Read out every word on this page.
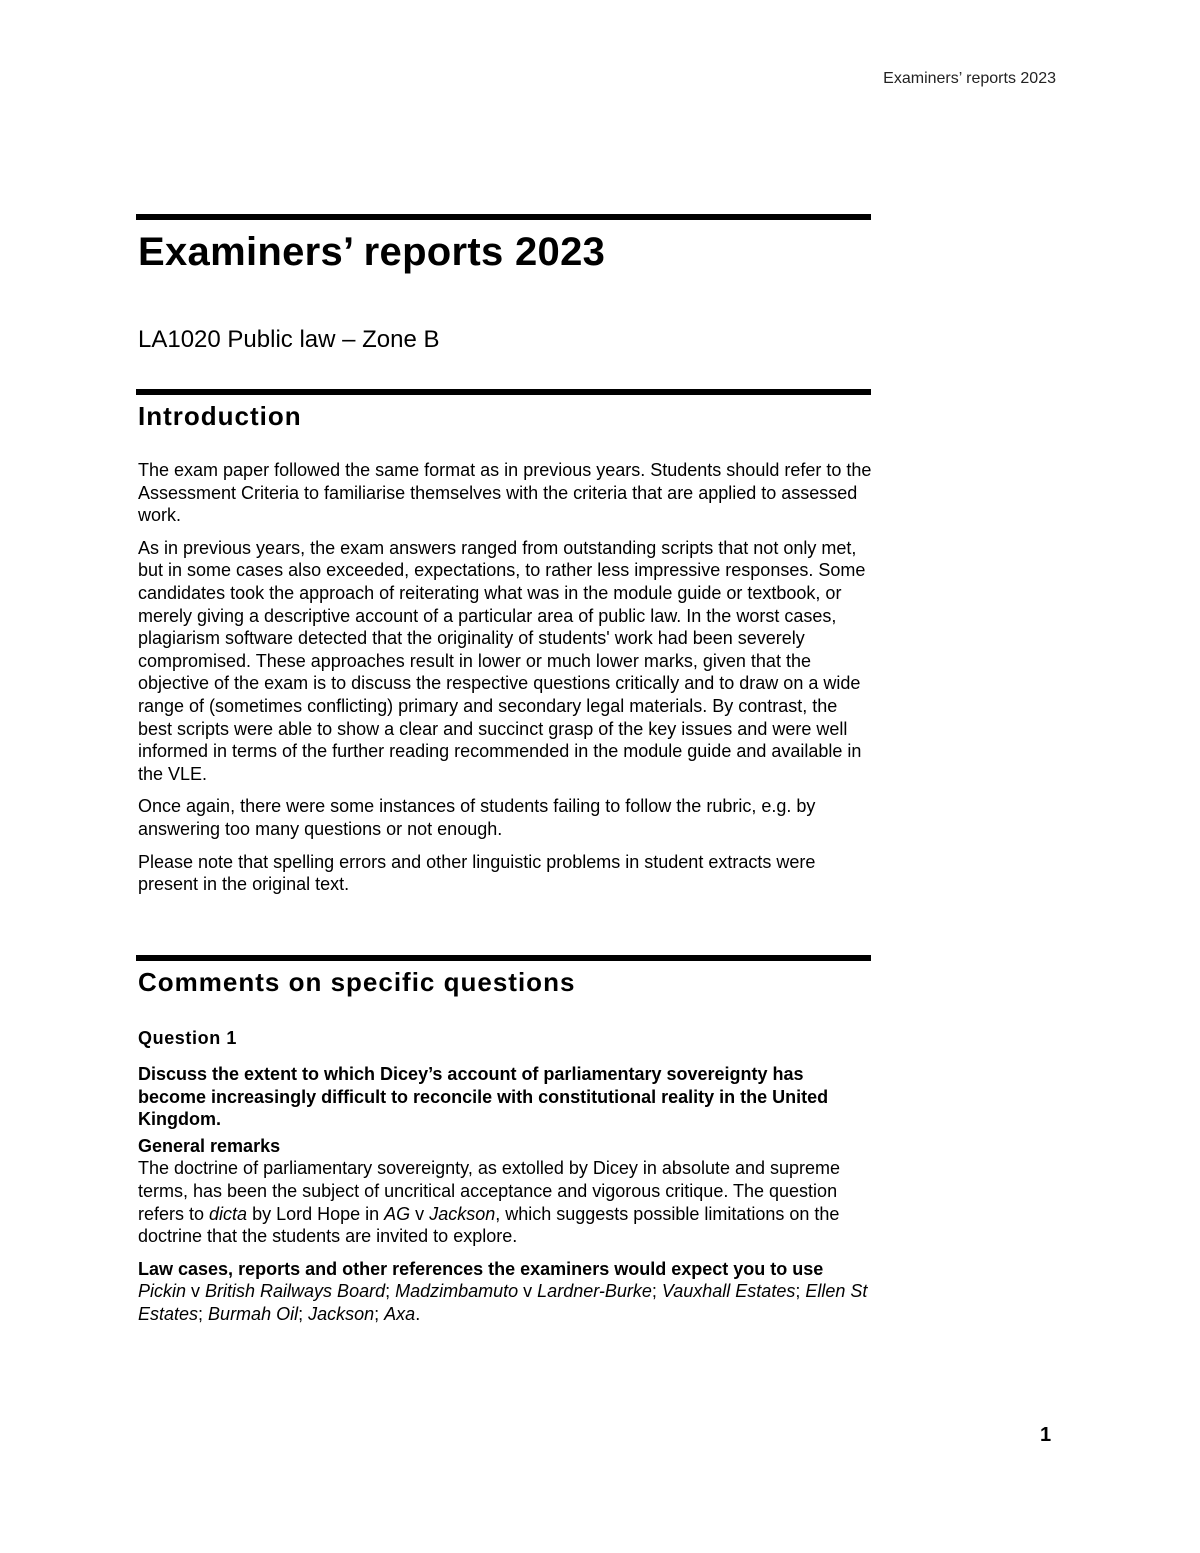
Examiners’ reports 2023
Examiners’ reports 2023

LA1020 Public law – Zone B

Introduction

The exam paper followed the same format as in previous years. Students should refer to the Assessment Criteria to familiarise themselves with the criteria that are applied to assessed work.

As in previous years, the exam answers ranged from outstanding scripts that not only met, but in some cases also exceeded, expectations, to rather less impressive responses. Some candidates took the approach of reiterating what was in the module guide or textbook, or merely giving a descriptive account of a particular area of public law. In the worst cases, plagiarism software detected that the originality of students' work had been severely compromised. These approaches result in lower or much lower marks, given that the objective of the exam is to discuss the respective questions critically and to draw on a wide range of (sometimes conflicting) primary and secondary legal materials. By contrast, the best scripts were able to show a clear and succinct grasp of the key issues and were well informed in terms of the further reading recommended in the module guide and available in the VLE.

Once again, there were some instances of students failing to follow the rubric, e.g. by answering too many questions or not enough.

Please note that spelling errors and other linguistic problems in student extracts were present in the original text.

Comments on specific questions

Question 1

Discuss the extent to which Dicey’s account of parliamentary sovereignty has become increasingly difficult to reconcile with constitutional reality in the United Kingdom.

General remarks
The doctrine of parliamentary sovereignty, as extolled by Dicey in absolute and supreme terms, has been the subject of uncritical acceptance and vigorous critique. The question refers to dicta by Lord Hope in AG v Jackson, which suggests possible limitations on the doctrine that the students are invited to explore.

Law cases, reports and other references the examiners would expect you to use
Pickin v British Railways Board; Madzimbamuto v Lardner-Burke; Vauxhall Estates; Ellen St Estates; Burmah Oil; Jackson; Axa.

1
